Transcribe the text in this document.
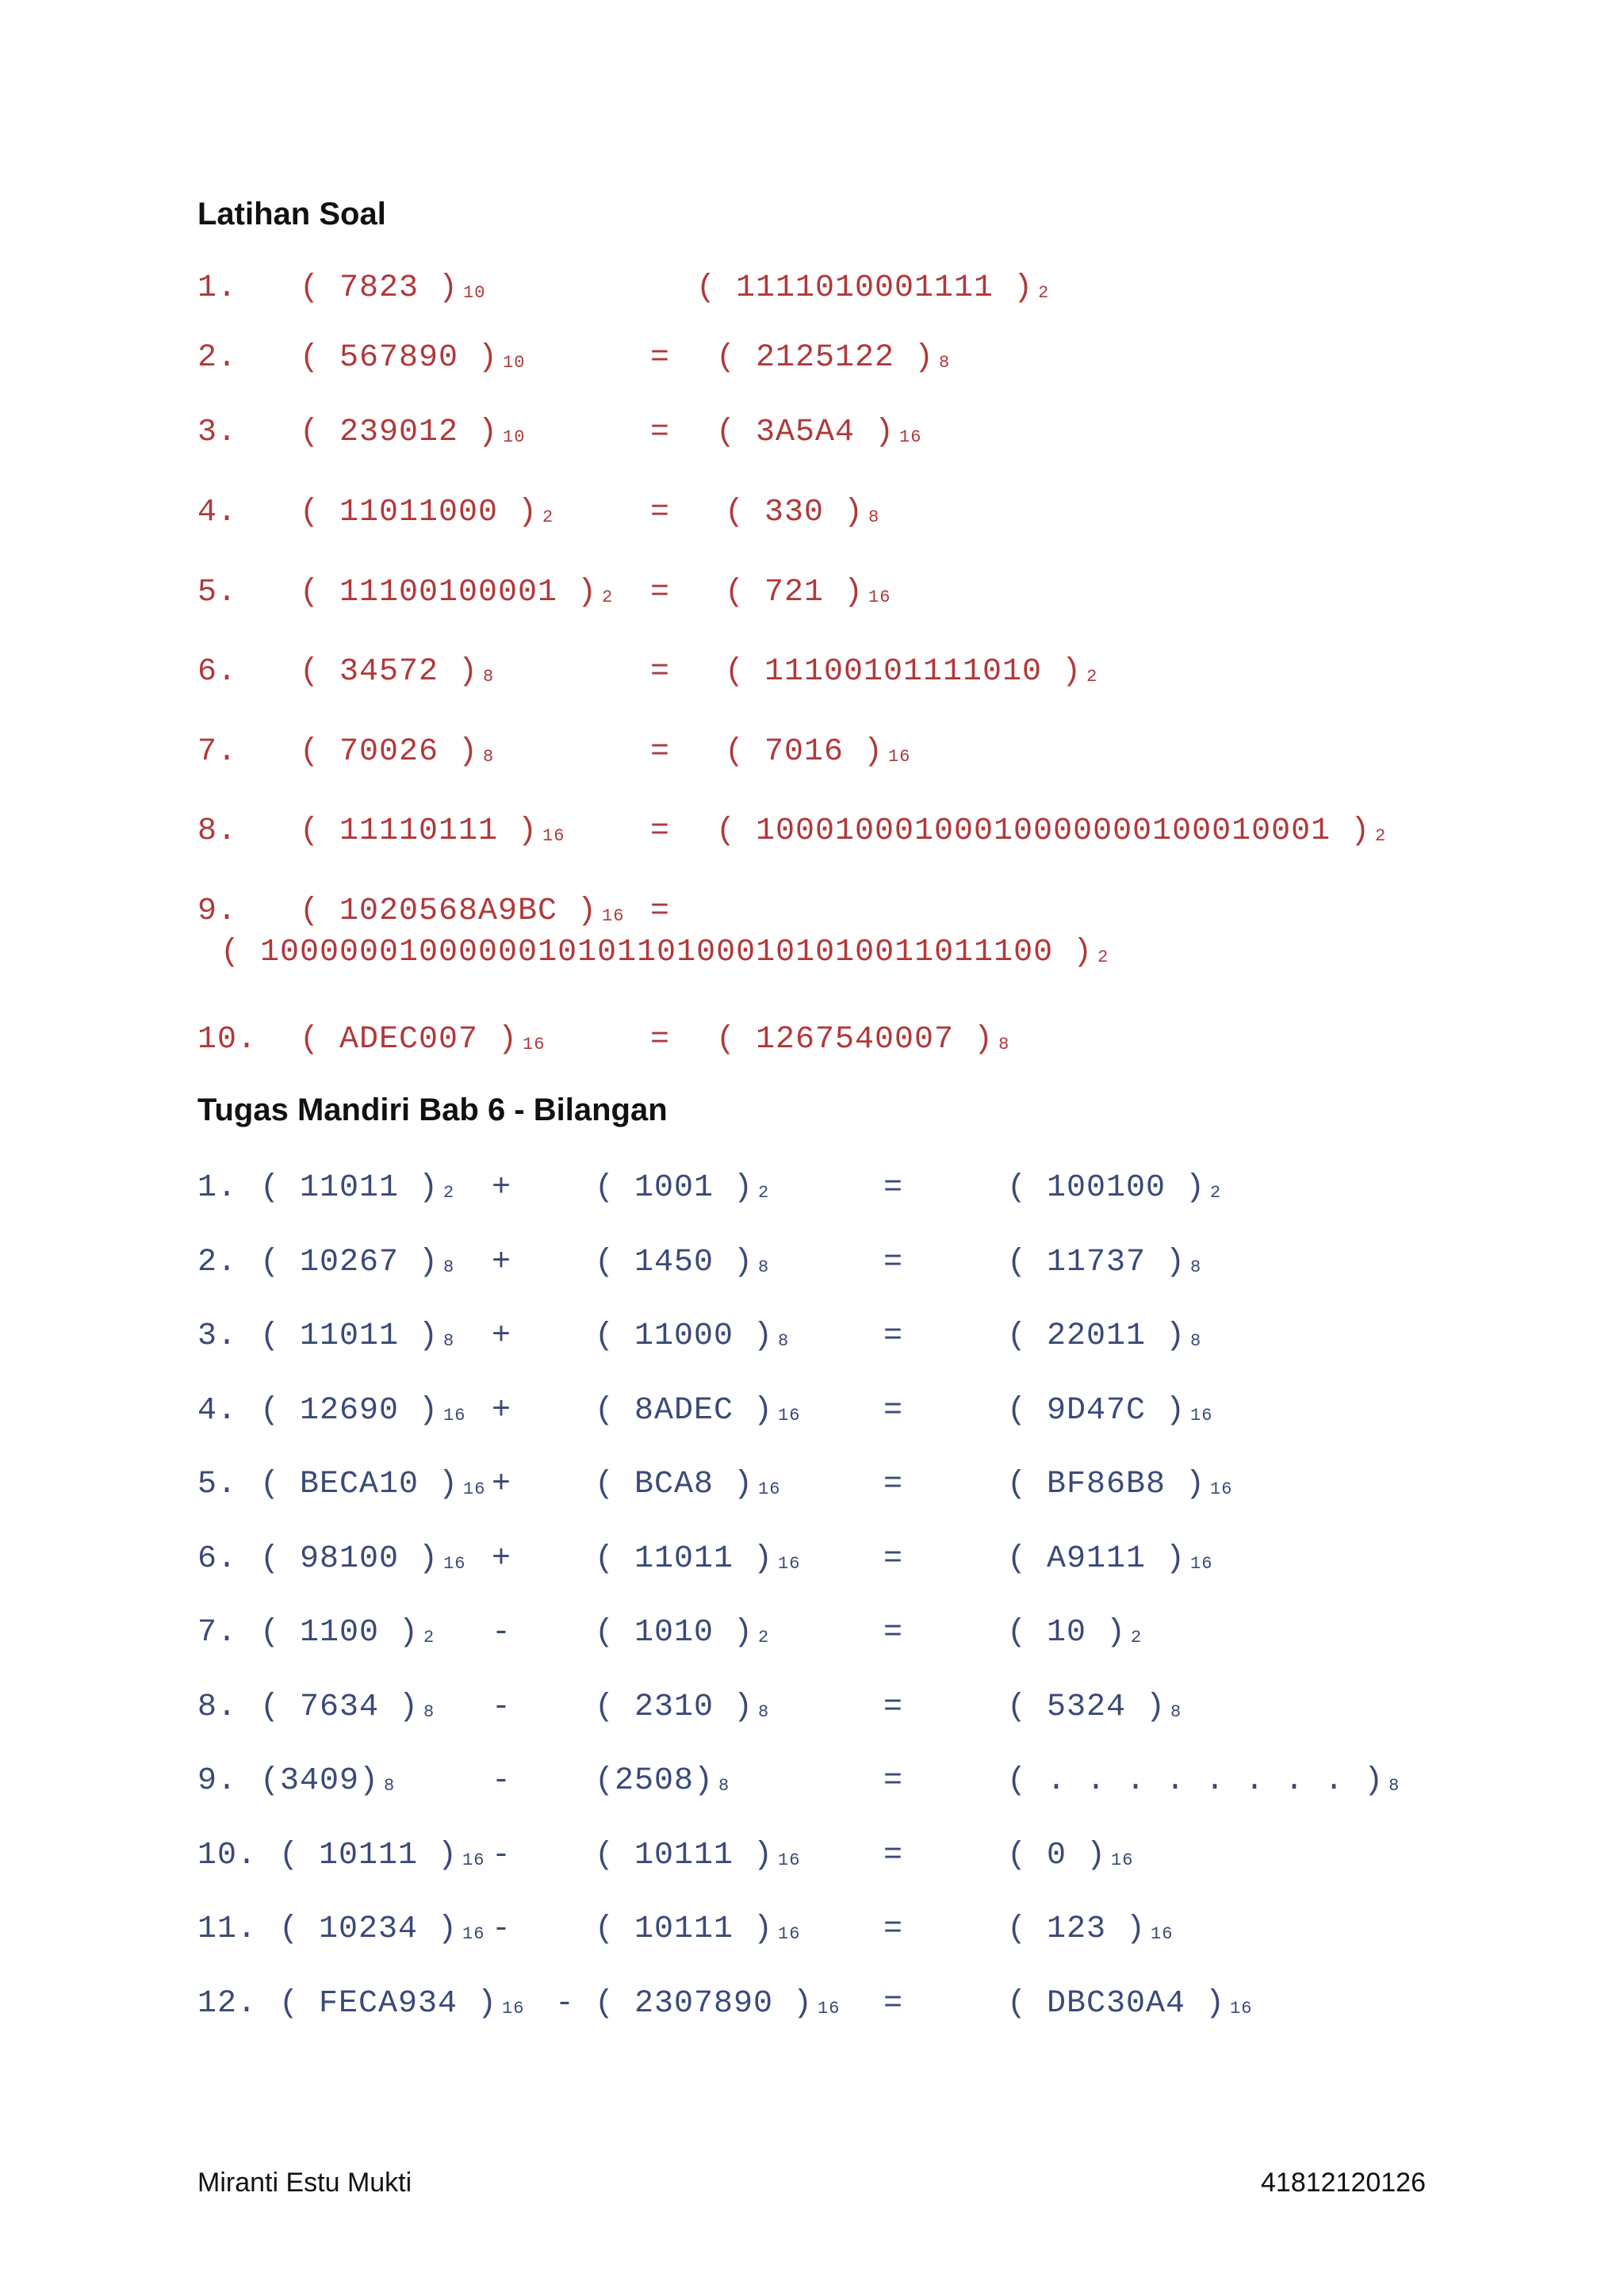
Latihan Soal
1. ( 7823 ) $_{10}$	( 1111010001111 ) $_2$
2. ( 567890 ) $_{10}$	= ( 2125122 ) $_8$
3. ( 239012 ) $_{10}$	= ( 3A5A4 ) $_{16}$
4. ( 11011000 ) $_2$	= ( 330 ) $_8$
5. ( 11100100001 ) $_2$ = ( 721 ) $_{16}$
6. ( 34572 ) $_8$	= ( 11100101111010 ) $_2$
7. ( 70026 ) $_8$	= ( 7016 ) $_{16}$
8. ( 11110111 ) $_{16}$	= ( 10001000100010000000100010001 ) $_2$
9. ( 1020568A9BC ) $_{16}$ =
( 1000000100000010101101000101010011011100 ) $_2$
10. ( ADEC007 ) $_{16}$	= ( 1267540007 ) $_8$
Tugas Mandiri Bab 6 - Bilangan
1. ( 11011 ) $_2$ +	( 1001 ) $_2$	=	( 100100 ) $_2$
2. ( 10267 ) $_8$ +	( 1450 ) $_8$	=	( 11737 ) $_8$
3. ( 11011 ) $_8$ +	( 11000 ) $_8$	=	( 22011 ) $_8$
4. ( 12690 ) $_{16}$ +	( 8ADEC ) $_{16}$	=	( 9D47C ) $_{16}$
5. ( BECA10 ) $_{16}$ +	( BCA8 ) $_{16}$	=	( BF86B8 ) $_{16}$
6. ( 98100 ) $_{16}$ +	( 11011 ) $_{16}$	=	( A9111 ) $_{16}$
7. ( 1100 ) $_2$ -	( 1010 ) $_2$	=	( 10 ) $_2$
8. ( 7634 ) $_8$ -	( 2310 ) $_8$	=	( 5324 ) $_8$
9. (3409) $_8$	-	(2508) $_8$	=	( . . . . . . . . ) $_8$
10. ( 10111 ) $_{16}$ -	( 10111 ) $_{16}$	=	( 0 ) $_{16}$
11. ( 10234 ) $_{16}$ -	( 10111 ) $_{16}$	=	( 123 ) $_{16}$
12. ( FECA934 ) $_{16}$ - ( 2307890 ) $_{16}$ =	( DBC30A4 ) $_{16}$
Miranti Estu Mukti	41812120126
